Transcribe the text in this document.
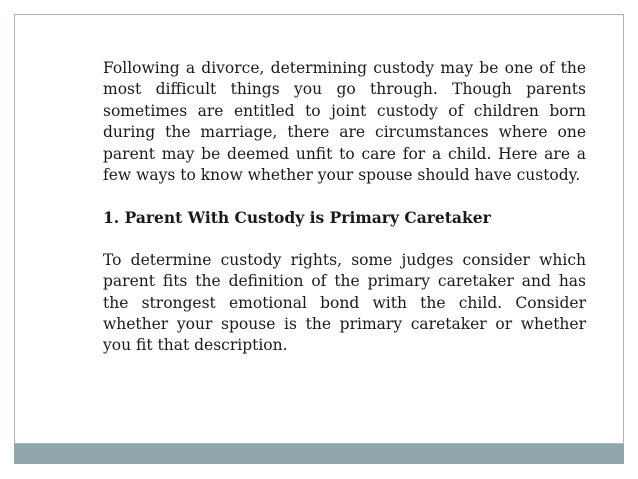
Following a divorce, determining custody may be one of the most difficult things you go through. Though parents sometimes are entitled to joint custody of children born during the marriage, there are circumstances where one parent may be deemed unfit to care for a child. Here are a few ways to know whether your spouse should have custody.

1. Parent With Custody is Primary Caretaker

To determine custody rights, some judges consider which parent fits the definition of the primary caretaker and has the strongest emotional bond with the child. Consider whether your spouse is the primary caretaker or whether you fit that description.
